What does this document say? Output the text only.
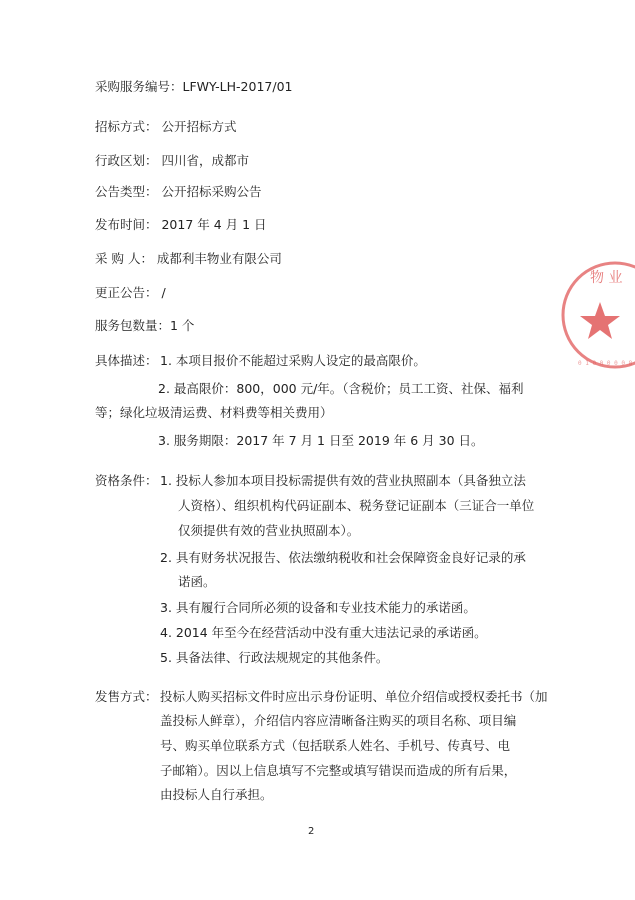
采购服务编号：LFWY-LH-2017/01
招标方式： 公开招标方式
行政区划： 四川省，成都市
公告类型： 公开招标采购公告
发布时间： 2017 年 4 月 1 日
采 购 人： 成都利丰物业有限公司
更正公告： /
服务包数量：1 个
具体描述： 1. 本项目报价不能超过采购人设定的最高限价。
2. 最高限价：800，000 元/年。（含税价；员工工资、社保、福利
等；绿化垃圾清运费、材料费等相关费用）
3. 服务期限：2017 年 7 月 1 日至 2019 年 6 月 30 日。
资格条件： 1. 投标人参加本项目投标需提供有效的营业执照副本（具备独立法
人资格）、组织机构代码证副本、税务登记证副本（三证合一单位
仅须提供有效的营业执照副本）。
2. 具有财务状况报告、依法缴纳税收和社会保障资金良好记录的承
诺函。
3. 具有履行合同所必须的设备和专业技术能力的承诺函。
4. 2014 年至今在经营活动中没有重大违法记录的承诺函。
5. 具备法律、行政法规规定的其他条件。
发售方式： 投标人购买招标文件时应出示身份证明、单位介绍信或授权委托书（加
盖投标人鲜章），介绍信内容应清晰备注购买的项目名称、项目编
号、购买单位联系方式（包括联系人姓名、手机号、传真号、电
子邮箱）。因以上信息填写不完整或填写错误而造成的所有后果，
由投标人自行承担。
2
物 业
0 1 0 0 0 0 0 8
